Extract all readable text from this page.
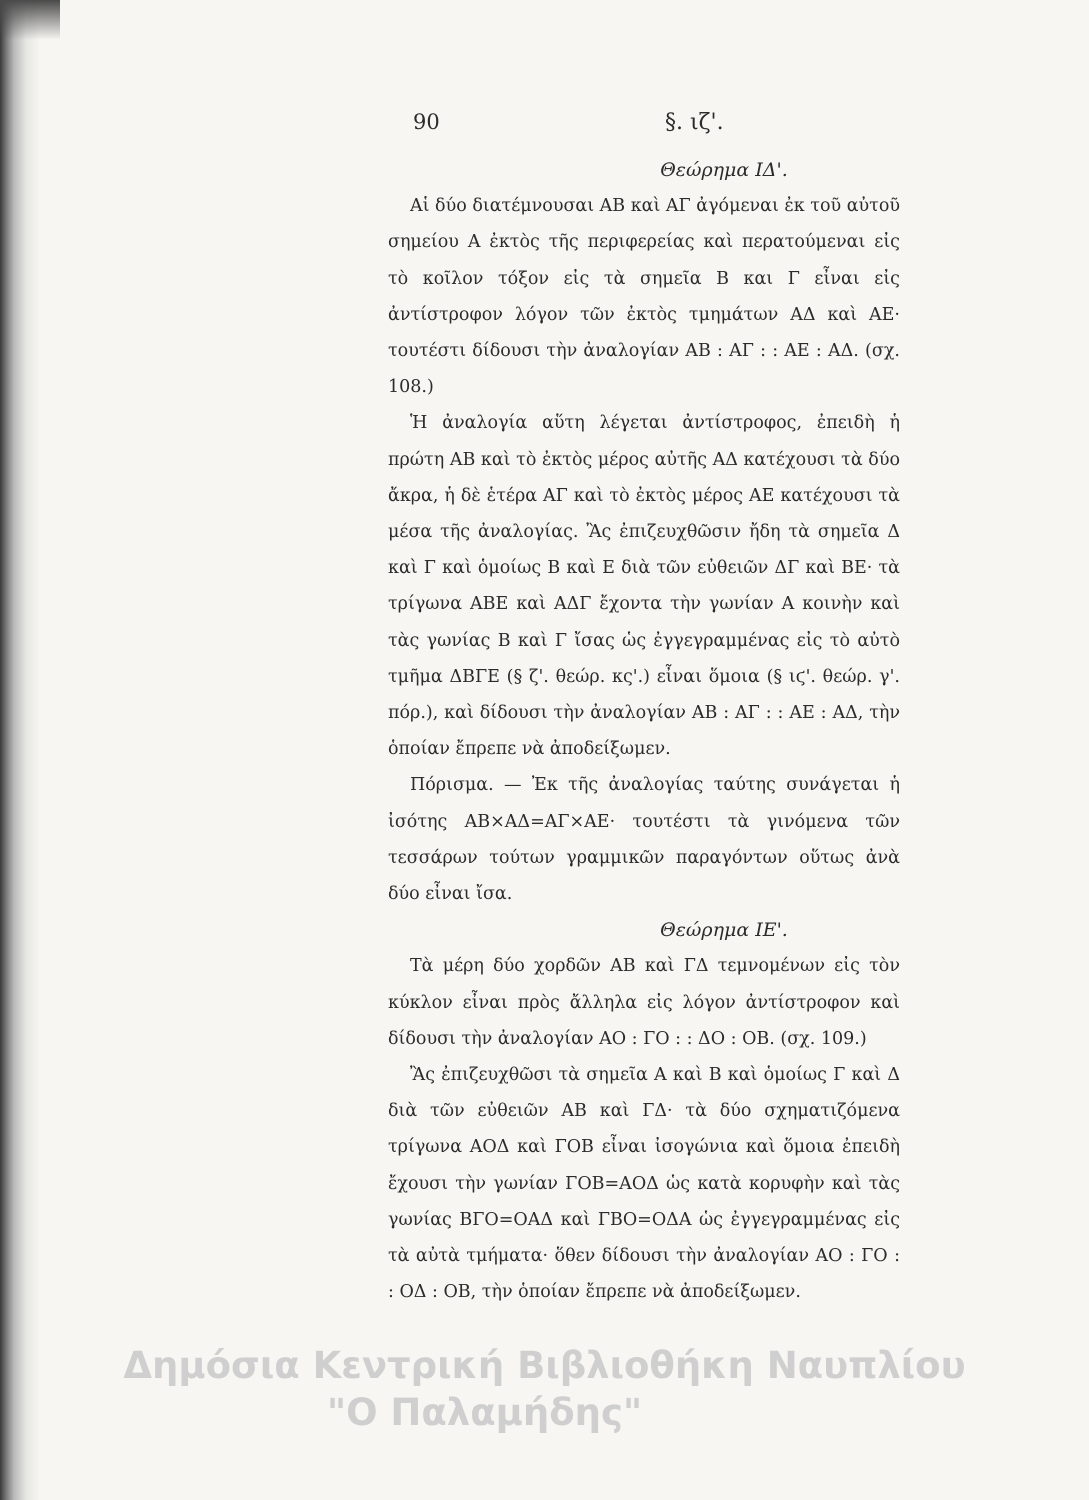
90	§. ιζ'.

Θεώρημα ΙΔ'.

Αἱ δύο διατέμνουσαι ΑΒ καὶ ΑΓ ἀγόμεναι ἐκ τοῦ αὐτοῦ σημείου Α ἐκτὸς τῆς περιφερείας καὶ περατούμεναι εἰς τὸ κοῖλον τόξον εἰς τὰ σημεῖα Β και Γ εἶναι εἰς ἀντίστροφον λόγον τῶν ἐκτὸς τμημάτων ΑΔ καὶ ΑΕ· τουτέστι δίδουσι τὴν ἀναλογίαν ΑΒ : ΑΓ : : ΑΕ : ΑΔ. (σχ. 108.)

Ἡ ἀναλογία αὕτη λέγεται ἀντίστροφος, ἐπειδὴ ἡ πρώτη ΑΒ καὶ τὸ ἐκτὸς μέρος αὐτῆς ΑΔ κατέχουσι τὰ δύο ἄκρα, ἡ δὲ ἑτέρα ΑΓ καὶ τὸ ἐκτὸς μέρος ΑΕ κατέχουσι τὰ μέσα τῆς ἀναλογίας. Ἂς ἐπιζευχθῶσιν ἤδη τὰ σημεῖα Δ καὶ Γ καὶ ὁμοίως Β καὶ Ε διὰ τῶν εὐθειῶν ΔΓ καὶ ΒΕ· τὰ τρίγωνα ΑΒΕ καὶ ΑΔΓ ἔχοντα τὴν γωνίαν Α κοινὴν καὶ τὰς γωνίας Β καὶ Γ ἴσας ὡς ἐγγεγραμμένας εἰς τὸ αὐτὸ τμῆμα ΔΒΓΕ (§ ζ'. θεώρ. κς'.) εἶναι ὅμοια (§ ιϛ'. θεώρ. γ'. πόρ.), καὶ δίδουσι τὴν ἀναλογίαν ΑΒ : ΑΓ : : ΑΕ : ΑΔ, τὴν ὁποίαν ἔπρεπε νὰ ἀποδείξωμεν.

Πόρισμα. — Ἐκ τῆς ἀναλογίας ταύτης συνάγεται ἡ ἰσότης ΑΒ×ΑΔ=ΑΓ×ΑΕ· τουτέστι τὰ γινόμενα τῶν τεσσάρων τούτων γραμμικῶν παραγόντων οὕτως ἀνὰ δύο εἶναι ἴσα.

Θεώρημα ΙΕ'.

Τὰ μέρη δύο χορδῶν ΑΒ καὶ ΓΔ τεμνομένων εἰς τὸν κύκλον εἶναι πρὸς ἄλληλα εἰς λόγον ἀντίστροφον καὶ δίδουσι τὴν ἀναλογίαν ΑΟ : ΓΟ : : ΔΟ : ΟΒ. (σχ. 109.)

Ἂς ἐπιζευχθῶσι τὰ σημεῖα Α καὶ Β καὶ ὁμοίως Γ καὶ Δ διὰ τῶν εὐθειῶν ΑΒ καὶ ΓΔ· τὰ δύο σχηματιζόμενα τρίγωνα ΑΟΔ καὶ ΓΟΒ εἶναι ἰσογώνια καὶ ὅμοια ἐπειδὴ ἔχουσι τὴν γωνίαν ΓΟΒ=ΑΟΔ ὡς κατὰ κορυφὴν καὶ τὰς γωνίας ΒΓΟ=ΟΑΔ καὶ ΓΒΟ=ΟΔΑ ὡς ἐγγεγραμμένας εἰς τὰ αὐτὰ τμήματα· ὅθεν δίδουσι τὴν ἀναλογίαν ΑΟ : ΓΟ : : ΟΔ : ΟΒ, τὴν ὁποίαν ἔπρεπε νὰ ἀποδείξωμεν.

Δημόσια Κεντρική Βιβλιοθήκη Ναυπλίου
"Ο Παλαμήδης"
